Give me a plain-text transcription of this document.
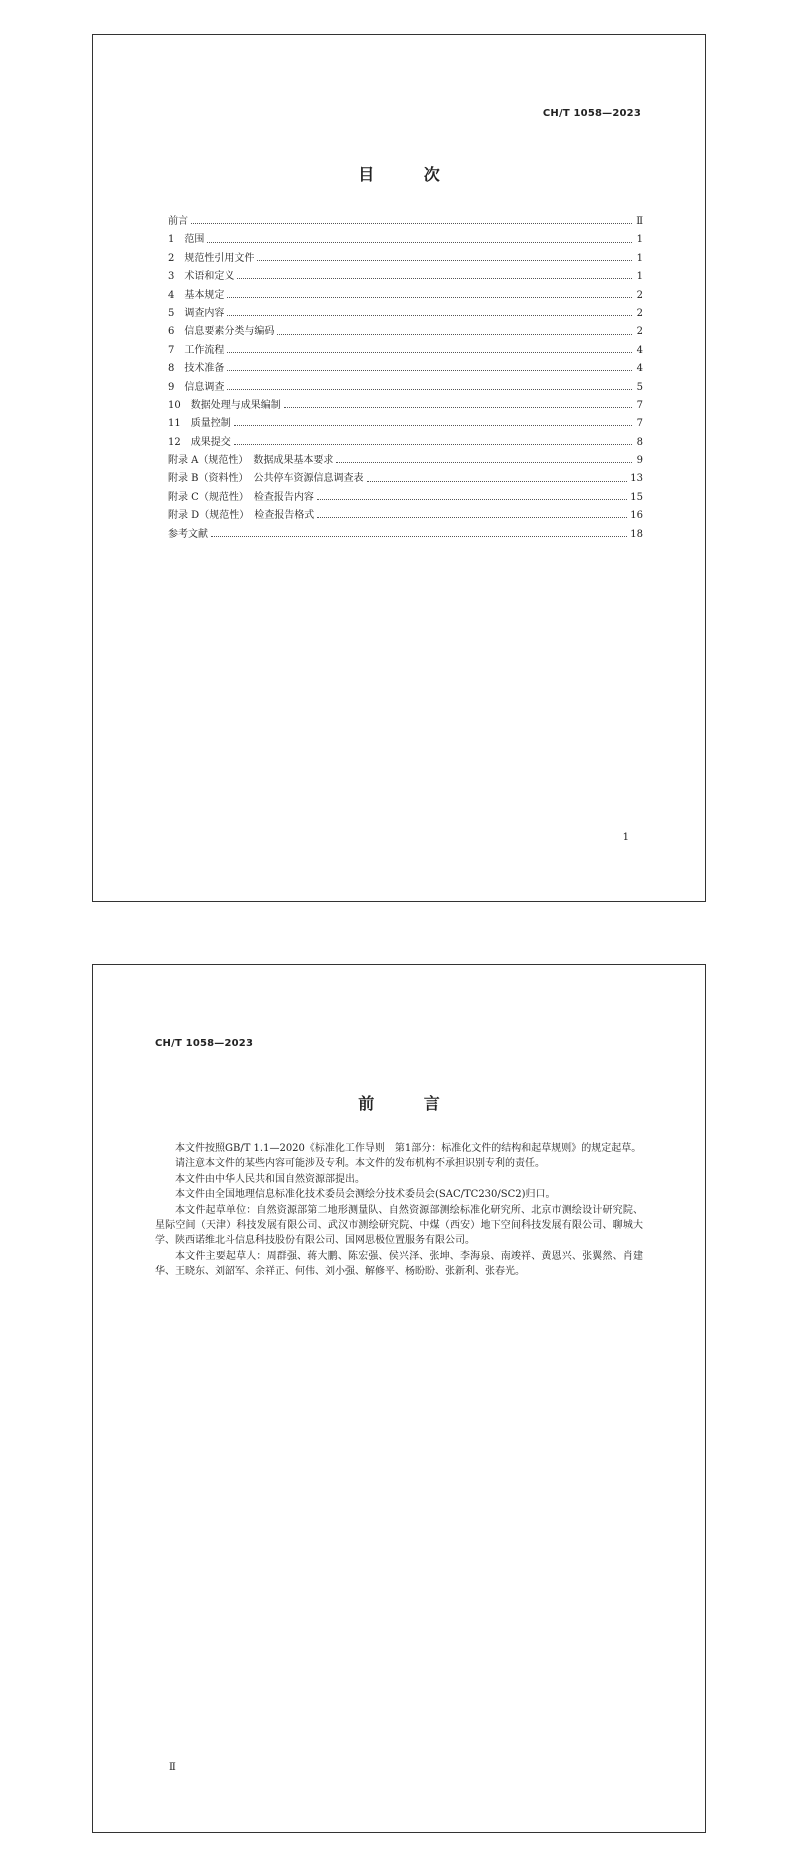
CH/T 1058—2023
目 次
前言	Ⅱ
1　范围	1
2　规范性引用文件	1
3　术语和定义	1
4　基本规定	2
5　调查内容	2
6　信息要素分类与编码	2
7　工作流程	4
8　技术准备	4
9　信息调查	5
10　数据处理与成果编制	7
11　质量控制	7
12　成果提交	8
附录 A（规范性）　数据成果基本要求	9
附录 B（资料性）　公共停车资源信息调查表	13
附录 C（规范性）　检查报告内容	15
附录 D（规范性）　检查报告格式	16
参考文献	18
1
CH/T 1058—2023
前 言

本文件按照GB/T 1.1—2020《标准化工作导则　第1部分：标准化文件的结构和起草规则》的规定起草。

请注意本文件的某些内容可能涉及专利。本文件的发布机构不承担识别专利的责任。

本文件由中华人民共和国自然资源部提出。

本文件由全国地理信息标准化技术委员会测绘分技术委员会(SAC/TC230/SC2)归口。

本文件起草单位：自然资源部第二地形测量队、自然资源部测绘标准化研究所、北京市测绘设计研究院、星际空间（天津）科技发展有限公司、武汉市测绘研究院、中煤（西安）地下空间科技发展有限公司、聊城大学、陕西诺维北斗信息科技股份有限公司、国网思极位置服务有限公司。

本文件主要起草人：周群强、蒋大鹏、陈宏强、侯兴泽、张坤、李海泉、南竣祥、黄恩兴、张翼然、肖建华、王晓东、刘韶军、余祥正、何伟、刘小强、解修平、杨盼盼、张新利、张春光。

Ⅱ
